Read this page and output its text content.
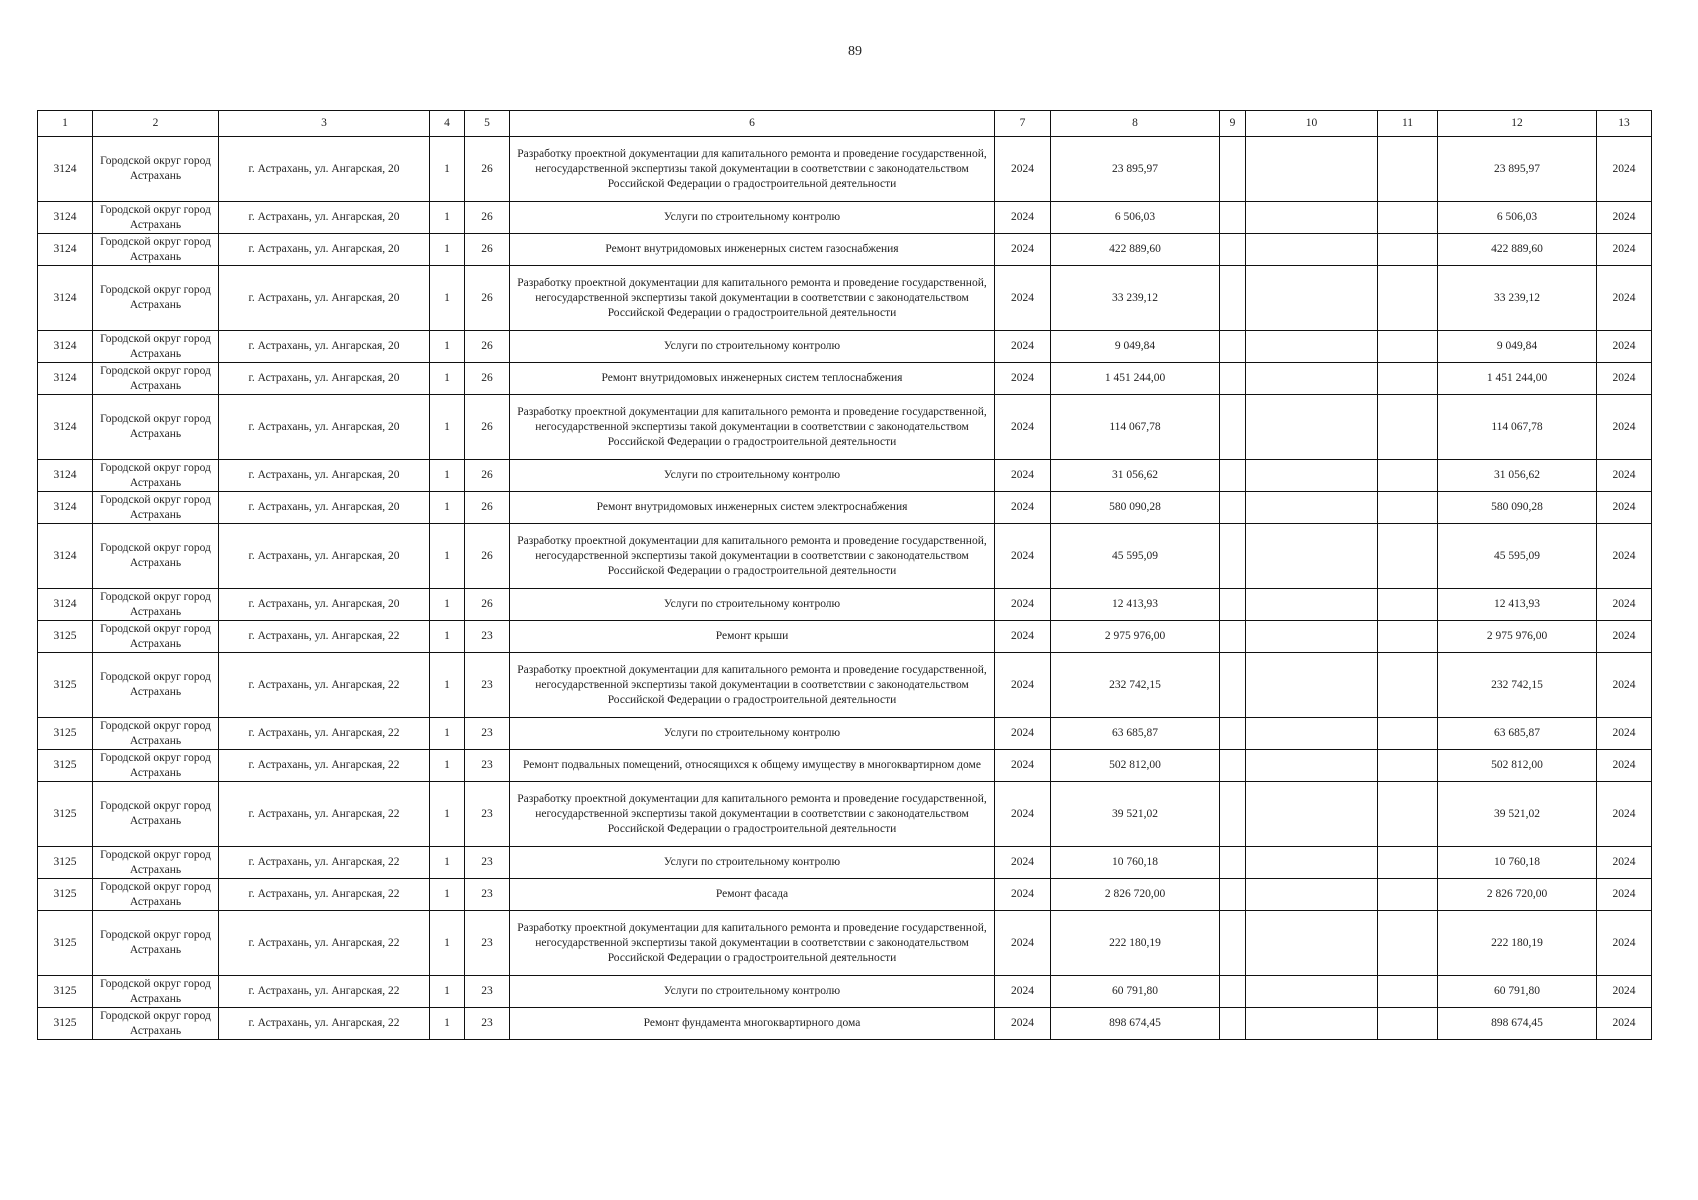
89
1	2	3	4	5	6	7	8	9	10	11	12	13
3124	Городской округ город Астрахань	г. Астрахань, ул. Ангарская, 20	1	26	Разработку проектной документации для капитального ремонта и проведение государственной, негосударственной экспертизы такой документации в соответствии с законодательством Российской Федерации о градостроительной деятельности	2024	23 895,97				23 895,97	2024
3124	Городской округ город Астрахань	г. Астрахань, ул. Ангарская, 20	1	26	Услуги по строительному контролю	2024	6 506,03				6 506,03	2024
3124	Городской округ город Астрахань	г. Астрахань, ул. Ангарская, 20	1	26	Ремонт внутридомовых инженерных систем газоснабжения	2024	422 889,60				422 889,60	2024
3124	Городской округ город Астрахань	г. Астрахань, ул. Ангарская, 20	1	26	Разработку проектной документации для капитального ремонта и проведение государственной, негосударственной экспертизы такой документации в соответствии с законодательством Российской Федерации о градостроительной деятельности	2024	33 239,12				33 239,12	2024
3124	Городской округ город Астрахань	г. Астрахань, ул. Ангарская, 20	1	26	Услуги по строительному контролю	2024	9 049,84				9 049,84	2024
3124	Городской округ город Астрахань	г. Астрахань, ул. Ангарская, 20	1	26	Ремонт внутридомовых инженерных систем теплоснабжения	2024	1 451 244,00				1 451 244,00	2024
3124	Городской округ город Астрахань	г. Астрахань, ул. Ангарская, 20	1	26	Разработку проектной документации для капитального ремонта и проведение государственной, негосударственной экспертизы такой документации в соответствии с законодательством Российской Федерации о градостроительной деятельности	2024	114 067,78				114 067,78	2024
3124	Городской округ город Астрахань	г. Астрахань, ул. Ангарская, 20	1	26	Услуги по строительному контролю	2024	31 056,62				31 056,62	2024
3124	Городской округ город Астрахань	г. Астрахань, ул. Ангарская, 20	1	26	Ремонт внутридомовых инженерных систем электроснабжения	2024	580 090,28				580 090,28	2024
3124	Городской округ город Астрахань	г. Астрахань, ул. Ангарская, 20	1	26	Разработку проектной документации для капитального ремонта и проведение государственной, негосударственной экспертизы такой документации в соответствии с законодательством Российской Федерации о градостроительной деятельности	2024	45 595,09				45 595,09	2024
3124	Городской округ город Астрахань	г. Астрахань, ул. Ангарская, 20	1	26	Услуги по строительному контролю	2024	12 413,93				12 413,93	2024
3125	Городской округ город Астрахань	г. Астрахань, ул. Ангарская, 22	1	23	Ремонт крыши	2024	2 975 976,00				2 975 976,00	2024
3125	Городской округ город Астрахань	г. Астрахань, ул. Ангарская, 22	1	23	Разработку проектной документации для капитального ремонта и проведение государственной, негосударственной экспертизы такой документации в соответствии с законодательством Российской Федерации о градостроительной деятельности	2024	232 742,15				232 742,15	2024
3125	Городской округ город Астрахань	г. Астрахань, ул. Ангарская, 22	1	23	Услуги по строительному контролю	2024	63 685,87				63 685,87	2024
3125	Городской округ город Астрахань	г. Астрахань, ул. Ангарская, 22	1	23	Ремонт подвальных помещений, относящихся к общему имуществу в многоквартирном доме	2024	502 812,00				502 812,00	2024
3125	Городской округ город Астрахань	г. Астрахань, ул. Ангарская, 22	1	23	Разработку проектной документации для капитального ремонта и проведение государственной, негосударственной экспертизы такой документации в соответствии с законодательством Российской Федерации о градостроительной деятельности	2024	39 521,02				39 521,02	2024
3125	Городской округ город Астрахань	г. Астрахань, ул. Ангарская, 22	1	23	Услуги по строительному контролю	2024	10 760,18				10 760,18	2024
3125	Городской округ город Астрахань	г. Астрахань, ул. Ангарская, 22	1	23	Ремонт фасада	2024	2 826 720,00				2 826 720,00	2024
3125	Городской округ город Астрахань	г. Астрахань, ул. Ангарская, 22	1	23	Разработку проектной документации для капитального ремонта и проведение государственной, негосударственной экспертизы такой документации в соответствии с законодательством Российской Федерации о градостроительной деятельности	2024	222 180,19				222 180,19	2024
3125	Городской округ город Астрахань	г. Астрахань, ул. Ангарская, 22	1	23	Услуги по строительному контролю	2024	60 791,80				60 791,80	2024
3125	Городской округ город Астрахань	г. Астрахань, ул. Ангарская, 22	1	23	Ремонт фундамента многоквартирного дома	2024	898 674,45				898 674,45	2024
